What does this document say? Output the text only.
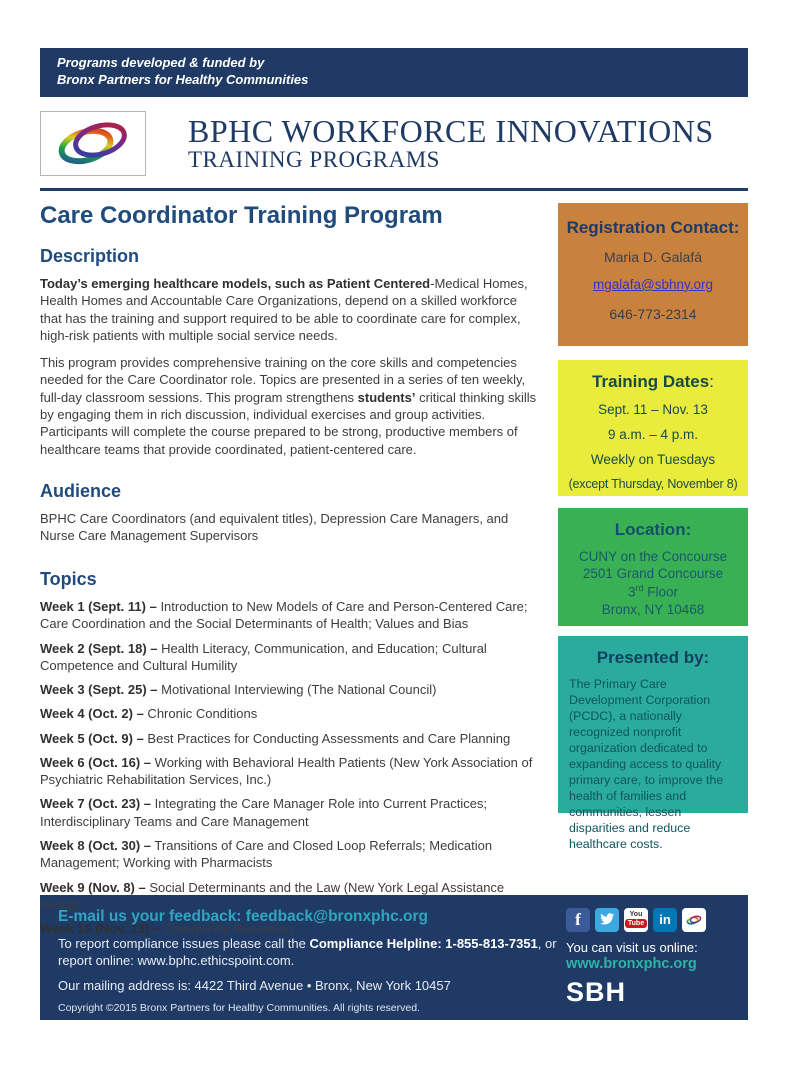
Programs developed & funded by
Bronx Partners for Healthy Communities
BPHC WORKFORCE INNOVATIONS
TRAINING PROGRAMS
Care Coordinator Training Program
Description

Today’s emerging healthcare models, such as Patient Centered-Medical Homes, Health Homes and Accountable Care Organizations, depend on a skilled workforce that has the training and support required to be able to coordinate care for complex, high-risk patients with multiple social service needs.

This program provides comprehensive training on the core skills and competencies needed for the Care Coordinator role. Topics are presented in a series of ten weekly, full-day classroom sessions. This program strengthens students’ critical thinking skills by engaging them in rich discussion, individual exercises and group activities. Participants will complete the course prepared to be strong, productive members of healthcare teams that provide coordinated, patient-centered care.

Audience

BPHC Care Coordinators (and equivalent titles), Depression Care Managers, and Nurse Care Management Supervisors

Topics

Week 1 (Sept. 11) – Introduction to New Models of Care and Person-Centered Care; Care Coordination and the Social Determinants of Health; Values and Bias

Week 2 (Sept. 18) – Health Literacy, Communication, and Education; Cultural Competence and Cultural Humility

Week 3 (Sept. 25) – Motivational Interviewing (The National Council)

Week 4 (Oct. 2) – Chronic Conditions

Week 5 (Oct. 9) – Best Practices for Conducting Assessments and Care Planning

Week 6 (Oct. 16) – Working with Behavioral Health Patients (New York Association of Psychiatric Rehabilitation Services, Inc.)

Week 7 (Oct. 23) – Integrating the Care Manager Role into Current Practices; Interdisciplinary Teams and Care Management

Week 8 (Oct. 30) – Transitions of Care and Closed Loop Referrals; Medication Management; Working with Pharmacists

Week 9 (Nov. 8) – Social Determinants and the Law (New York Legal Assistance Group)

Week 10 (Nov. 13) – Community Resources

Registration Contact:
Maria D. Galafá
mgalafa@sbhny.org
646-773-2314
Training Dates:
Sept. 11 – Nov. 13
9 a.m. – 4 p.m.
Weekly on Tuesdays
(except Thursday, November 8)
Location:
CUNY on the Concourse
2501 Grand Concourse
3rd Floor
Bronx, NY 10468
Presented by:
The Primary Care Development Corporation (PCDC), a nationally recognized nonprofit organization dedicated to expanding access to quality primary care, to improve the health of families and communities, lessen disparities and reduce healthcare costs.
E-mail us your feedback: feedback@bronxphc.org
To report compliance issues please call the Compliance Helpline: 1-855-813-7351, or report online: www.bphc.ethicspoint.com.
Our mailing address is: 4422 Third Avenue • Bronx, New York 10457
Copyright ©2015 Bronx Partners for Healthy Communities. All rights reserved.
f	You
Tube in
You can visit us online:
www.bronxphc.org
SBH

Health System
B R O N X
